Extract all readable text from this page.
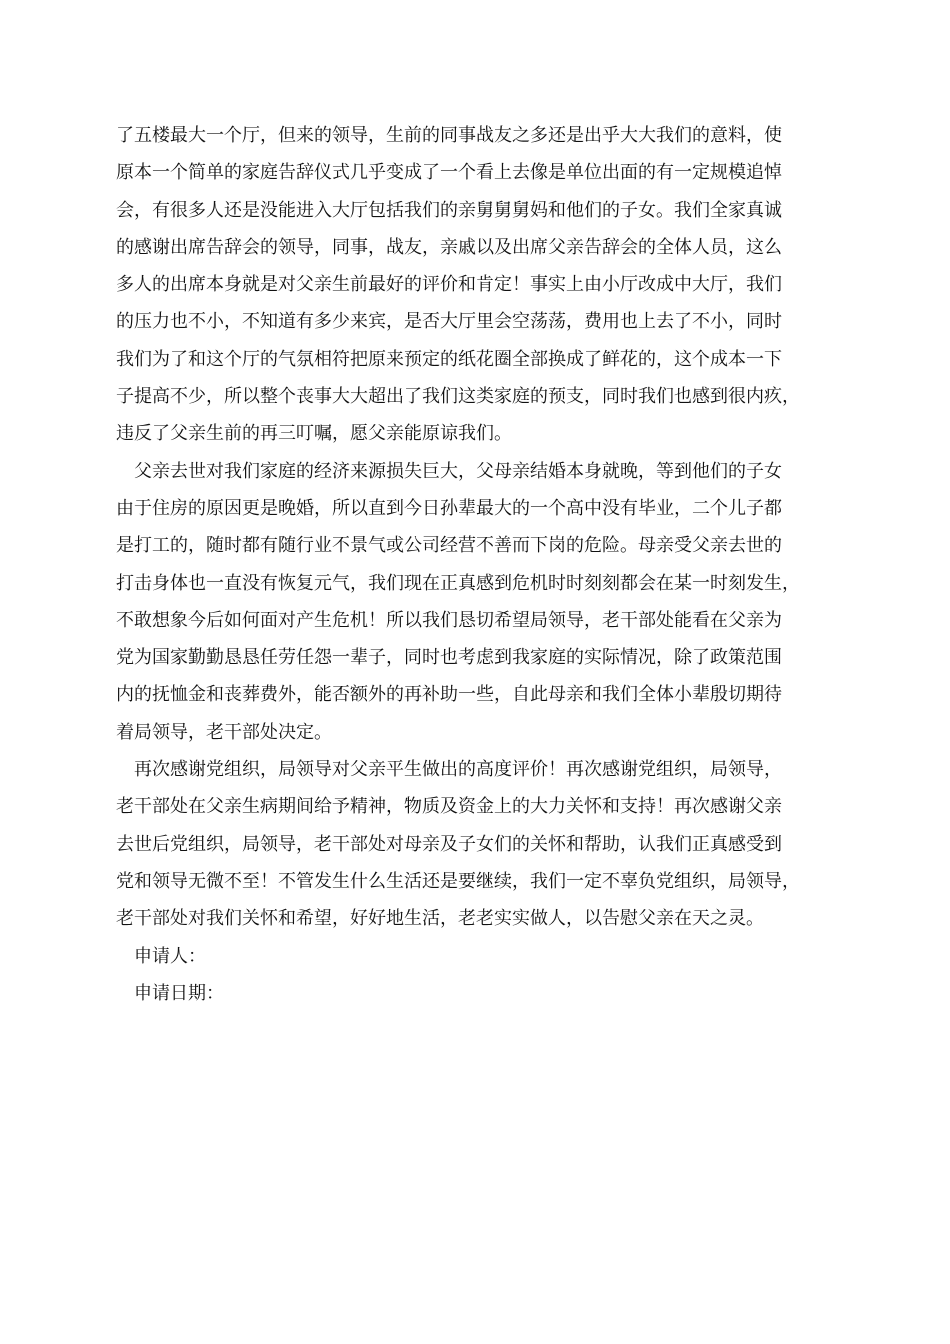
了五楼最大一个厅，但来的领导，生前的同事战友之多还是出乎大大我们的意料，使
原本一个简单的家庭告辞仪式几乎变成了一个看上去像是单位出面的有一定规模追悼
会，有很多人还是没能进入大厅包括我们的亲舅舅舅妈和他们的子女。我们全家真诚
的感谢出席告辞会的领导，同事，战友，亲戚以及出席父亲告辞会的全体人员，这么
多人的出席本身就是对父亲生前最好的评价和肯定！事实上由小厅改成中大厅，我们
的压力也不小，不知道有多少来宾，是否大厅里会空荡荡，费用也上去了不小，同时
我们为了和这个厅的气氛相符把原来预定的纸花圈全部换成了鲜花的，这个成本一下
子提高不少，所以整个丧事大大超出了我们这类家庭的预支，同时我们也感到很内疚，
违反了父亲生前的再三叮嘱，愿父亲能原谅我们。
父亲去世对我们家庭的经济来源损失巨大，父母亲结婚本身就晚，等到他们的子女
由于住房的原因更是晚婚，所以直到今日孙辈最大的一个高中没有毕业，二个儿子都
是打工的，随时都有随行业不景气或公司经营不善而下岗的危险。母亲受父亲去世的
打击身体也一直没有恢复元气，我们现在正真感到危机时时刻刻都会在某一时刻发生，
不敢想象今后如何面对产生危机！所以我们恳切希望局领导，老干部处能看在父亲为
党为国家勤勤恳恳任劳任怨一辈子，同时也考虑到我家庭的实际情况，除了政策范围
内的抚恤金和丧葬费外，能否额外的再补助一些，自此母亲和我们全体小辈殷切期待
着局领导，老干部处决定。
再次感谢党组织，局领导对父亲平生做出的高度评价！再次感谢党组织，局领导，
老干部处在父亲生病期间给予精神，物质及资金上的大力关怀和支持！再次感谢父亲
去世后党组织，局领导，老干部处对母亲及子女们的关怀和帮助，认我们正真感受到
党和领导无微不至！不管发生什么生活还是要继续，我们一定不辜负党组织，局领导，
老干部处对我们关怀和希望，好好地生活，老老实实做人，以告慰父亲在天之灵。
申请人：
申请日期：
